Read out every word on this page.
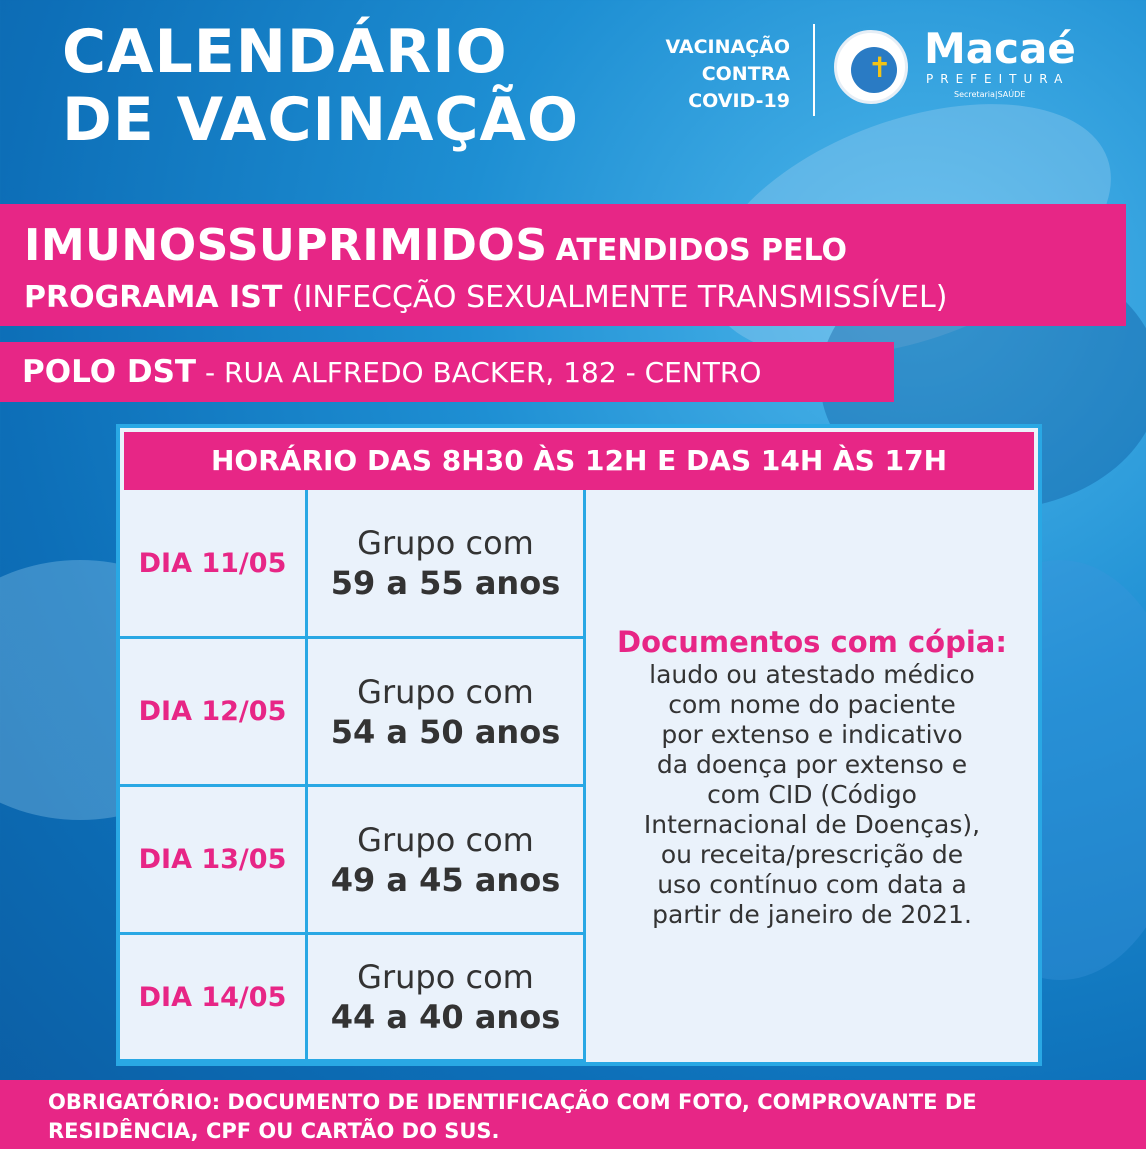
CALENDÁRIO
DE VACINAÇÃO
VACINAÇÃO
CONTRA
COVID-19
✝ Macaé
PREFEITURA
Secretaria|SAÚDE
IMUNOSSUPRIMIDOS ATENDIDOS PELO
PROGRAMA IST (INFECÇÃO SEXUALMENTE TRANSMISSÍVEL)
POLO DST - RUA ALFREDO BACKER, 182 - CENTRO
HORÁRIO DAS 8H30 ÀS 12H E DAS 14H ÀS 17H
DIA 11/05
Grupo com
59 a 55 anos
DIA 12/05
Grupo com
54 a 50 anos
DIA 13/05
Grupo com
49 a 45 anos
Documentos com cópia:
laudo ou atestado médico
com nome do paciente
por extenso e indicativo
da doença por extenso e
com CID (Código
Internacional de Doenças),
ou receita/prescrição de
uso contínuo com data a
partir de janeiro de 2021.
DIA 14/05
Grupo com
44 a 40 anos
OBRIGATÓRIO: DOCUMENTO DE IDENTIFICAÇÃO COM FOTO, COMPROVANTE DE RESIDÊNCIA, CPF OU CARTÃO DO SUS.
